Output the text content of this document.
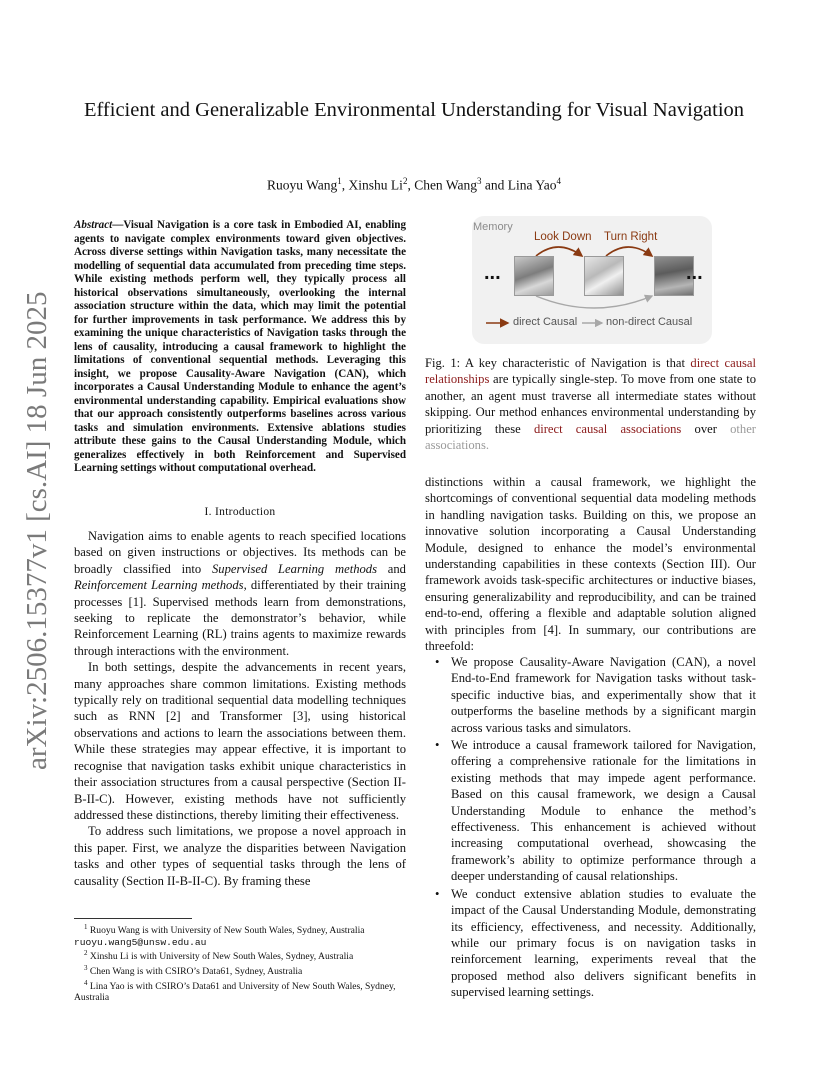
arXiv:2506.15377v1 [cs.AI] 18 Jun 2025
Efficient and Generalizable Environmental Understanding for Visual Navigation
Ruoyu Wang$^1$, Xinshu Li$^2$, Chen Wang$^3$ and Lina Yao$^4$
Abstract—Visual Navigation is a core task in Embodied AI, enabling agents to navigate complex environments toward given objectives. Across diverse settings within Navigation tasks, many necessitate the modelling of sequential data accumulated from preceding time steps. While existing methods perform well, they typically process all historical observations simultaneously, overlooking the internal association structure within the data, which may limit the potential for further improvements in task performance. We address this by examining the unique characteristics of Navigation tasks through the lens of causality, introducing a causal framework to highlight the limitations of conventional sequential methods. Leveraging this insight, we propose Causality-Aware Navigation (CAN), which incorporates a Causal Understanding Module to enhance the agent’s environmental understanding capability. Empirical evaluations show that our approach consistently outperforms baselines across various tasks and simulation environments. Extensive ablations studies attribute these gains to the Causal Understanding Module, which generalizes effectively in both Reinforcement and Supervised Learning settings without computational overhead.
I. Introduction

Navigation aims to enable agents to reach specified locations based on given instructions or objectives. Its methods can be broadly classified into Supervised Learning methods and Reinforcement Learning methods, differentiated by their training processes [1]. Supervised methods learn from demonstrations, seeking to replicate the demonstrator’s behavior, while Reinforcement Learning (RL) trains agents to maximize rewards through interactions with the environment.

In both settings, despite the advancements in recent years, many approaches share common limitations. Existing methods typically rely on traditional sequential data modelling techniques such as RNN [2] and Transformer [3], using historical observations and actions to learn the associations between them. While these strategies may appear effective, it is important to recognise that navigation tasks exhibit unique characteristics in their association structures from a causal perspective (Section II-B-II-C). However, existing methods have not sufficiently addressed these distinctions, thereby limiting their effectiveness.

To address such limitations, we propose a novel approach in this paper. First, we analyze the disparities between Navigation tasks and other types of sequential tasks through the lens of causality (Section II-B-II-C). By framing these

$^1$ Ruoyu Wang is with University of New South Wales, Sydney, Australia ruoyu.wang5@unsw.edu.au

$^2$ Xinshu Li is with University of New South Wales, Sydney, Australia

$^3$ Chen Wang is with CSIRO’s Data61, Sydney, Australia

$^4$ Lina Yao is with CSIRO’s Data61 and University of New South Wales, Sydney, Australia

Memory
Look Down Turn Right
...	...
direct Causal	non-direct Causal
Fig. 1: A key characteristic of Navigation is that direct causal relationships are typically single-step. To move from one state to another, an agent must traverse all intermediate states without skipping. Our method enhances environmental understanding by prioritizing these direct causal associations over other associations.

distinctions within a causal framework, we highlight the shortcomings of conventional sequential data modeling methods in handling navigation tasks. Building on this, we propose an innovative solution incorporating a Causal Understanding Module, designed to enhance the model’s environmental understanding capabilities in these contexts (Section III). Our framework avoids task-specific architectures or inductive biases, ensuring generalizability and reproducibility, and can be trained end-to-end, offering a flexible and adaptable solution aligned with principles from [4]. In summary, our contributions are threefold:

• We propose Causality-Aware Navigation (CAN), a novel End-to-End framework for Navigation tasks without task-specific inductive bias, and experimentally show that it outperforms the baseline methods by a significant margin across various tasks and simulators.
• We introduce a causal framework tailored for Navigation, offering a comprehensive rationale for the limitations in existing methods that may impede agent performance. Based on this causal framework, we design a Causal Understanding Module to enhance the method’s effectiveness. This enhancement is achieved without increasing computational overhead, showcasing the framework’s ability to optimize performance through a deeper understanding of causal relationships.
• We conduct extensive ablation studies to evaluate the impact of the Causal Understanding Module, demonstrating its efficiency, effectiveness, and necessity. Additionally, while our primary focus is on navigation tasks in reinforcement learning, experiments reveal that the proposed method also delivers significant benefits in supervised learning settings.
